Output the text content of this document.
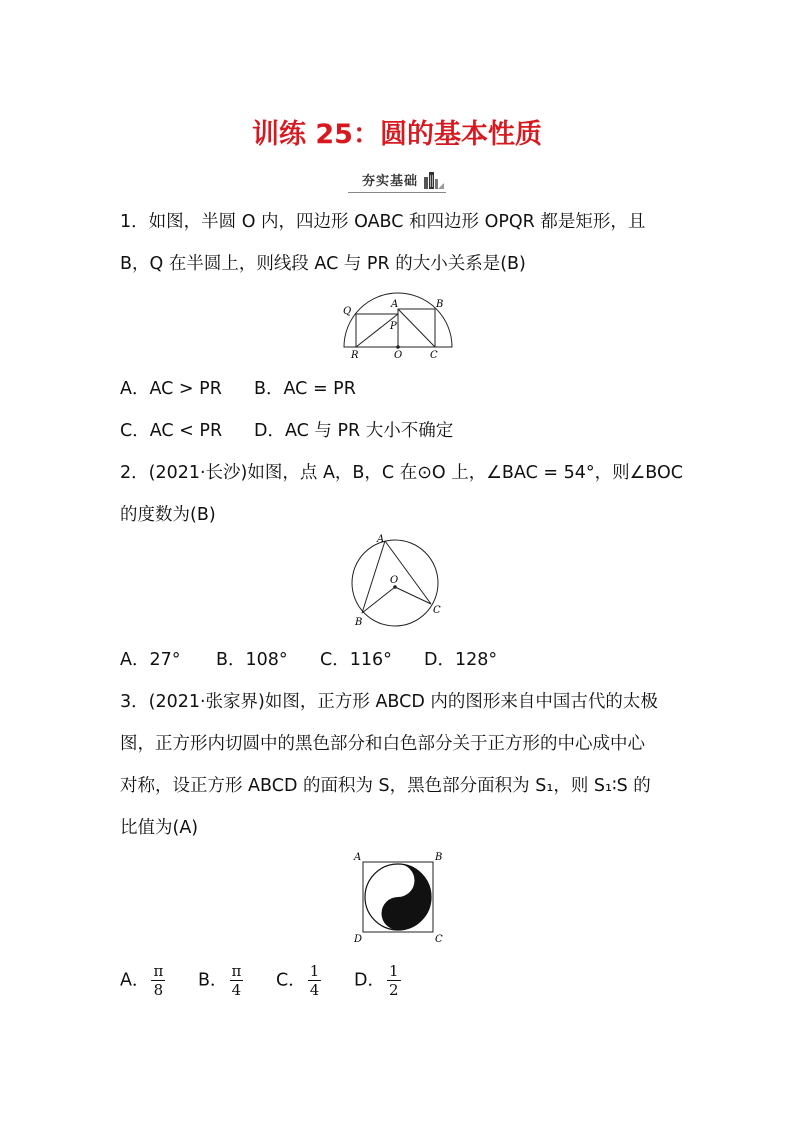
训练 25：圆的基本性质
夯实基础
1．如图，半圆 O 内，四边形 OABC 和四边形 OPQR 都是矩形，且
B，Q 在半圆上，则线段 AC 与 PR 的大小关系是(B)
Q
A	B
P
R	O	C
A．AC > PR B．AC = PR
C．AC < PR D．AC 与 PR 大小不确定
2．(2021·长沙)如图，点 A，B，C 在⊙O 上，∠BAC = 54°，则∠BOC
的度数为(B)
A
O
B
C
A．27° B．108° C．116° D．128°
3．(2021·张家界)如图，正方形 ABCD 内的图形来自中国古代的太极
图，正方形内切圆中的黑色部分和白色部分关于正方形的中心成中心
对称，设正方形 ABCD 的面积为 S，黑色部分面积为 S₁，则 S₁∶S 的
比值为(A)
A	B
D	C
A． $\frac{\pi}{8}$ B． $\frac{\pi}{4}$ C． $\frac{1}{4}$ D． $\frac{1}{2}$
